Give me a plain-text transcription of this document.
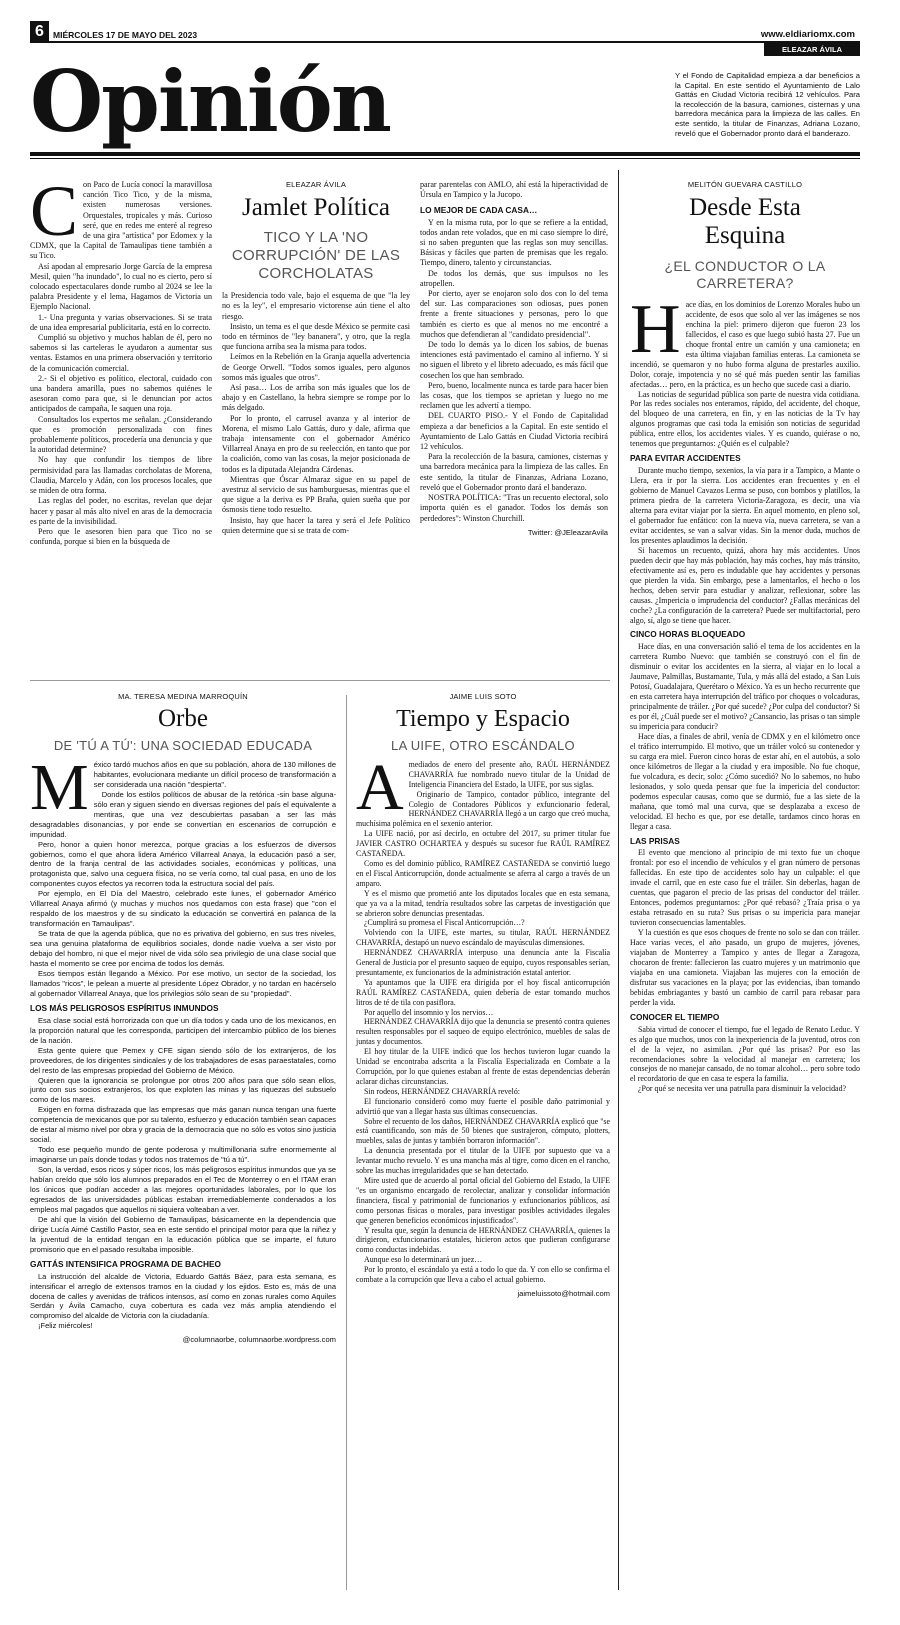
6	MIÉRCOLES 17 DE MAYO DEL 2023	www.eldiariomx.com
ELEAZAR ÁVILA
Opinión	Y el Fondo de Capitalidad empieza a dar beneficios a la Capital. En este sentido el Ayuntamiento de Lalo Gattás en Ciudad Victoria recibirá 12 vehículos. Para la recolección de la basura, camiones, cisternas y una barredora mecánica para la limpieza de las calles. En este sentido, la titular de Finanzas, Adriana Lozano, reveló que el Gobernador pronto dará el banderazo.
C on Paco de Lucía conocí la maravillosa canción Tico Tico, y de la misma, existen numerosas versiones. Orquestales, tropicales y más. Curioso seré, que en redes me enteré al regreso de una gira "artística" por Edomex y la CDMX, que la Capital de Tamaulipas tiene también a su Tico.

Así apodan al empresario Jorge García de la empresa Mesil, quien "ha inundado", lo cual no es cierto, pero sí colocado espectaculares donde rumbo al 2024 se lee la palabra Presidente y el lema, Hagamos de Victoria un Ejemplo Nacional.

1.- Una pregunta y varias observaciones. Si se trata de una idea empresarial publicitaria, está en lo correcto.

Cumplió su objetivo y muchos hablan de él, pero no sabemos si las carteleras le ayudaron a aumentar sus ventas. Estamos en una primera observación y territorio de la comunicación comercial.

2.- Si el objetivo es político, electoral, cuidado con una bandera amarilla, pues no sabemos quiénes le asesoran como para que, si le denuncian por actos anticipados de campaña, le saquen una roja.

Consultados los expertos me señalan. ¿Considerando que es promoción personalizada con fines probablemente políticos, procedería una denuncia y que la autoridad determine?

No hay que confundir los tiempos de libre permisividad para las llamadas corcholatas de Morena, Claudia, Marcelo y Adán, con los procesos locales, que se miden de otra forma.

Las reglas del poder, no escritas, revelan que dejar hacer y pasar al más alto nivel en aras de la democracia es parte de la invisibilidad.

Pero que le asesoren bien para que Tico no se confunda, porque si bien en la búsqueda de

ELEAZAR ÁVILA
Jamlet Política
TICO Y LA 'NO CORRUPCIÓN' DE LAS CORCHOLATAS

la Presidencia todo vale, bajo el esquema de que "la ley no es la ley", el empresario victorense aún tiene el alto riesgo.

Insisto, un tema es el que desde México se permite casi todo en términos de "ley bananera", y otro, que la regla que funciona arriba sea la misma para todos.

Leímos en la Rebelión en la Granja aquella advertencia de George Orwell. "Todos somos iguales, pero algunos somos más iguales que otros".

Así pasa… Los de arriba son más iguales que los de abajo y en Castellano, la hebra siempre se rompe por lo más delgado.

Por lo pronto, el carrusel avanza y al interior de Morena, el mismo Lalo Gattás, duro y dale, afirma que trabaja intensamente con el gobernador Américo Villarreal Anaya en pro de su reelección, en tanto que por la coalición, como van las cosas, la mejor posicionada de todos es la diputada Alejandra Cárdenas.

Mientras que Óscar Almaraz sigue en su papel de avestruz al servicio de sus hamburguesas, mientras que el que sigue a la deriva es PP Braña, quien sueña que por ósmosis tiene todo resuelto.

Insisto, hay que hacer la tarea y será el Jefe Político quien determine que si se trata de com-

parar parentelas con AMLO, ahí está la hiperactividad de Úrsula en Tampico y la Jucopo.

LO MEJOR DE CADA CASA…

Y en la misma ruta, por lo que se refiere a la entidad, todos andan rete volados, que en mi caso siempre lo diré, si no saben pregunten que las reglas son muy sencillas. Básicas y fáciles que parten de premisas que les regalo. Tiempo, dinero, talento y circunstancias.

De todos los demás, que sus impulsos no les atropellen.

Por cierto, ayer se enojaron solo dos con lo del tema del sur. Las comparaciones son odiosas, pues ponen frente a frente situaciones y personas, pero lo que también es cierto es que al menos no me encontré a muchos que defendieran al "candidato presidencial".

De todo lo demás ya lo dicen los sabios, de buenas intenciones está pavimentado el camino al infierno. Y si no siguen el libreto y el libreto adecuado, es más fácil que cosechen los que han sembrado.

Pero, bueno, localmente nunca es tarde para hacer bien las cosas, que los tiempos se aprietan y luego no me reclamen que les advertí a tiempo.

DEL CUARTO PISO.- Y el Fondo de Capitalidad empieza a dar beneficios a la Capital. En este sentido el Ayuntamiento de Lalo Gattás en Ciudad Victoria recibirá 12 vehículos.

Para la recolección de la basura, camiones, cisternas y una barredora mecánica para la limpieza de las calles. En este sentido, la titular de Finanzas, Adriana Lozano, reveló que el Gobernador pronto dará el banderazo.

NOSTRA POLÍTICA: "Tras un recuento electoral, solo importa quién es el ganador. Todos los demás son perdedores": Winston Churchill.

Twitter: @JEleazarAvila
MELITÓN GUEVARA CASTILLO
Desde Esta Esquina
¿EL CONDUCTOR O LA CARRETERA?
H ace días, en los dominios de Lorenzo Morales hubo un accidente, de esos que solo al ver las imágenes se nos enchina la piel: primero dijeron que fueron 23 los fallecidos, el caso es que luego subió hasta 27. Fue un choque frontal entre un camión y una camioneta; en esta última viajaban familias enteras. La camioneta se incendió, se quemaron y no hubo forma alguna de prestarles auxilio. Dolor, coraje, impotencia y no sé qué más pueden sentir las familias afectadas… pero, en la práctica, es un hecho que sucede casi a diario.

Las noticias de seguridad pública son parte de nuestra vida cotidiana. Por las redes sociales nos enteramos, rápido, del accidente, del choque, del bloqueo de una carretera, en fin, y en las noticias de la Tv hay algunos programas que casi toda la emisión son noticias de seguridad pública, entre ellos, los accidentes viales. Y es cuando, quiérase o no, tenemos que preguntarnos: ¿Quién es el culpable?

PARA EVITAR ACCIDENTES

Durante mucho tiempo, sexenios, la vía para ir a Tampico, a Mante o Llera, era ir por la sierra. Los accidentes eran frecuentes y en el gobierno de Manuel Cavazos Lerma se puso, con bombos y platillos, la primera piedra de la carretera Victoria-Zaragoza, es decir, una vía alterna para evitar viajar por la sierra. En aquel momento, en pleno sol, el gobernador fue enfático: con la nueva vía, nueva carretera, se van a evitar accidentes, se van a salvar vidas. Sin la menor duda, muchos de los presentes aplaudimos la decisión.

Si hacemos un recuento, quizá, ahora hay más accidentes. Unos pueden decir que hay más población, hay más coches, hay más tránsito, efectivamente así es, pero es indudable que hay accidentes y personas que pierden la vida. Sin embargo, pese a lamentarlos, el hecho o los hechos, deben servir para estudiar y analizar, reflexionar, sobre las causas. ¿Impericia o imprudencia del conductor? ¿Fallas mecánicas del coche? ¿La configuración de la carretera? Puede ser multifactorial, pero algo, sí, algo se tiene que hacer.

CINCO HORAS BLOQUEADO

Hace días, en una conversación salió el tema de los accidentes en la carretera Rumbo Nuevo: que también se construyó con el fin de disminuir o evitar los accidentes en la sierra, al viajar en lo local a Jaumave, Palmillas, Bustamante, Tula, y más allá del estado, a San Luis Potosí, Guadalajara, Querétaro o México. Ya es un hecho recurrente que en esta carretera haya interrupción del tráfico por choques o volcaduras, principalmente de tráiler. ¿Por qué sucede? ¿Por culpa del conductor? Si es por él, ¿Cuál puede ser el motivo? ¿Cansancio, las prisas o tan simple su impericia para conducir?

Hace días, a finales de abril, venía de CDMX y en el kilómetro once el tráfico interrumpido. El motivo, que un tráiler volcó su contenedor y su carga era miel. Fueron cinco horas de estar ahí, en el autobús, a solo once kilómetros de llegar a la ciudad y era imposible. No fue choque, fue volcadura, es decir, solo: ¿Cómo sucedió? No lo sabemos, no hubo lesionados, y solo queda pensar que fue la impericia del conductor: podemos especular causas, como que se durmió, fue a las siete de la mañana, que tomó mal una curva, que se desplazaba a exceso de velocidad. El hecho es que, por ese detalle, tardamos cinco horas en llegar a casa.

LAS PRISAS

El evento que menciono al principio de mi texto fue un choque frontal: por eso el incendio de vehículos y el gran número de personas fallecidas. En este tipo de accidentes solo hay un culpable: el que invade el carril, que en este caso fue el tráiler. Sin deberlas, hagan de cuentas, que pagaron el precio de las prisas del conductor del tráiler. Entonces, podemos preguntarnos: ¿Por qué rebasó? ¿Traía prisa o ya estaba retrasado en su ruta? Sus prisas o su impericia para manejar tuvieron consecuencias lamentables.

Y la cuestión es que esos choques de frente no solo se dan con tráiler. Hace varias veces, el año pasado, un grupo de mujeres, jóvenes, viajaban de Monterrey a Tampico y antes de llegar a Zaragoza, chocaron de frente: fallecieron las cuatro mujeres y un matrimonio que viajaba en una camioneta. Viajaban las mujeres con la emoción de disfrutar sus vacaciones en la playa; por las evidencias, iban tomando bebidas embriagantes y bastó un cambio de carril para rebasar para perder la vida.

CONOCER EL TIEMPO

Sabia virtud de conocer el tiempo, fue el legado de Renato Leduc. Y es algo que muchos, unos con la inexperiencia de la juventud, otros con el de la vejez, no asimilan. ¿Por qué las prisas? Por eso las recomendaciones sobre la velocidad al manejar en carretera; los consejos de no manejar cansado, de no tomar alcohol… pero sobre todo el recordatorio de que en casa te espera la familia.

¿Por qué se necesita ver una patrulla para disminuir la velocidad?

MA. TERESA MEDINA MARROQUÍN
Orbe
DE 'TÚ A TÚ': UNA SOCIEDAD EDUCADA
M éxico tardó muchos años en que su población, ahora de 130 millones de habitantes, evolucionara mediante un difícil proceso de transformación a ser considerada una nación "despierta".

Donde los estilos políticos de abusar de la retórica -sin base alguna- sólo eran y siguen siendo en diversas regiones del país el equivalente a mentiras, que una vez descubiertas pasaban a ser las más desagradables disonancias, y por ende se convertían en escenarios de corrupción e impunidad.

Pero, honor a quien honor merezca, porque gracias a los esfuerzos de diversos gobiernos, como el que ahora lidera Américo Villarreal Anaya, la educación pasó a ser, dentro de la franja central de las actividades sociales, económicas y políticas, una protagonista que, salvo una ceguera física, no se vería como, tal cual pasa, en uno de los componentes cuyos efectos ya recorren toda la estructura social del país.

Por ejemplo, en El Día del Maestro, celebrado este lunes, el gobernador Américo Villarreal Anaya afirmó (y muchas y muchos nos quedamos con esta frase) que "con el respaldo de los maestros y de su sindicato la educación se convertirá en palanca de la transformación en Tamaulipas".

Se trata de que la agenda pública, que no es privativa del gobierno, en sus tres niveles, sea una genuina plataforma de equilibrios sociales, donde nadie vuelva a ser visto por debajo del hombro, ni que el mejor nivel de vida sólo sea privilegio de una clase social que hasta el momento se cree por encima de todos los demás.

Esos tiempos están llegando a México. Por ese motivo, un sector de la sociedad, los llamados "ricos", le pelean a muerte al presidente López Obrador, y no tardan en hacérselo al gobernador Villarreal Anaya, que los privilegios sólo sean de su "propiedad".

LOS MÁS PELIGROSOS ESPÍRITUS INMUNDOS

Esa clase social está horrorizada con que un día todos y cada uno de los mexicanos, en la proporción natural que les corresponda, participen del intercambio público de los bienes de la nación.

Esta gente quiere que Pemex y CFE sigan siendo sólo de los extranjeros, de los proveedores, de los dirigentes sindicales y de los trabajadores de esas paraestatales, como del resto de las empresas propiedad del Gobierno de México.

Quieren que la ignorancia se prolongue por otros 200 años para que sólo sean ellos, junto con sus socios extranjeros, los que exploten las minas y las riquezas del subsuelo como de los mares.

Exigen en forma disfrazada que las empresas que más ganan nunca tengan una fuerte competencia de mexicanos que por su talento, esfuerzo y educación también sean capaces de estar al mismo nivel por obra y gracia de la democracia que no sólo es votos sino justicia social.

Todo ese pequeño mundo de gente poderosa y multimillonaria sufre enormemente al imaginarse un país donde todas y todos nos tratemos de "tú a tú".

Son, la verdad, esos ricos y súper ricos, los más peligrosos espíritus inmundos que ya se habían creído que sólo los alumnos preparados en el Tec de Monterrey o en el ITAM eran los únicos que podían acceder a las mejores oportunidades laborales, por lo que los egresados de las universidades públicas estaban irremediablemente condenados a los empleos mal pagados que aquellos ni siquiera volteaban a ver.

De ahí que la visión del Gobierno de Tamaulipas, básicamente en la dependencia que dirige Lucía Aimé Castillo Pastor, sea en este sentido el principal motor para que la niñez y la juventud de la entidad tengan en la educación pública que se imparte, el futuro promisorio que en el pasado resultaba imposible.

GATTÁS INTENSIFICA PROGRAMA DE BACHEO

La instrucción del alcalde de Victoria, Eduardo Gattás Báez, para esta semana, es intensificar el arreglo de extensos tramos en la ciudad y los ejidos. Esto es, más de una docena de calles y avenidas de tráficos intensos, así como en zonas rurales como Aquiles Serdán y Ávila Camacho, cuya cobertura es cada vez más amplia atendiendo el compromiso del alcalde de Victoria con la ciudadanía.

¡Feliz miércoles!

@columnaorbe, columnaorbe.wordpress.com
JAIME LUIS SOTO
Tiempo y Espacio
LA UIFE, OTRO ESCÁNDALO
A mediados de enero del presente año, RAÚL HERNÁNDEZ CHAVARRÍA fue nombrado nuevo titular de la Unidad de Inteligencia Financiera del Estado, la UIFE, por sus siglas.

Originario de Tampico, contador público, integrante del Colegio de Contadores Públicos y exfuncionario federal, HERNÁNDEZ CHAVARRÍA llegó a un cargo que creó mucha, muchísima polémica en el sexenio anterior.

La UIFE nació, por así decirlo, en octubre del 2017, su primer titular fue JAVIER CASTRO OCHARTEA y después su sucesor fue RAÚL RAMÍREZ CASTAÑEDA.

Como es del dominio público, RAMÍREZ CASTAÑEDA se convirtió luego en el Fiscal Anticorrupción, donde actualmente se aferra al cargo a través de un amparo.

Y es el mismo que prometió ante los diputados locales que en esta semana, que ya va a la mitad, tendría resultados sobre las carpetas de investigación que se abrieron sobre denuncias presentadas.

¿Cumplirá su promesa el Fiscal Anticorrupción…?

Volviendo con la UIFE, este martes, su titular, RAÚL HERNÁNDEZ CHAVARRÍA, destapó un nuevo escándalo de mayúsculas dimensiones.

HERNÁNDEZ CHAVARRÍA interpuso una denuncia ante la Fiscalía General de Justicia por el presunto saqueo de equipo, cuyos responsables serían, presuntamente, ex funcionarios de la administración estatal anterior.

Ya apuntamos que la UIFE era dirigida por el hoy fiscal anticorrupción RAÚL RAMÍREZ CASTAÑEDA, quien debería de estar tomando muchos litros de té de tila con pasiflora.

Por aquello del insomnio y los nervios…

HERNÁNDEZ CHAVARRÍA dijo que la denuncia se presentó contra quienes resulten responsables por el saqueo de equipo electrónico, muebles de salas de juntas y documentos.

El hoy titular de la UIFE indicó que los hechos tuvieron lugar cuando la Unidad se encontraba adscrita a la Fiscalía Especializada en Combate a la Corrupción, por lo que quienes estaban al frente de estas dependencias deberán aclarar dichas circunstancias.

Sin rodeos, HERNÁNDEZ CHAVARRÍA reveló:

El funcionario consideró como muy fuerte el posible daño patrimonial y advirtió que van a llegar hasta sus últimas consecuencias.

Sobre el recuento de los daños, HERNÁNDEZ CHAVARRÍA explicó que "se está cuantificando, son más de 50 bienes que sustrajeron, cómputo, plotters, muebles, salas de juntas y también borraron información".

La denuncia presentada por el titular de la UIFE por supuesto que va a levantar mucho revuelo. Y es una mancha más al tigre, como dicen en el rancho, sobre las muchas irregularidades que se han detectado.

Mire usted que de acuerdo al portal oficial del Gobierno del Estado, la UIFE "es un organismo encargado de recolectar, analizar y consolidar información financiera, fiscal y patrimonial de funcionarios y exfuncionarios públicos, así como personas físicas o morales, para investigar posibles actividades ilegales que generen beneficios económicos injustificados".

Y resulta que, según la denuncia de HERNÁNDEZ CHAVARRÍA, quienes la dirigieron, exfuncionarios estatales, hicieron actos que pudieran configurarse como conductas indebidas.

Aunque eso lo determinará un juez…

Por lo pronto, el escándalo ya está a todo lo que da. Y con ello se confirma el combate a la corrupción que lleva a cabo el actual gobierno.

jaimeluissoto@hotmail.com
